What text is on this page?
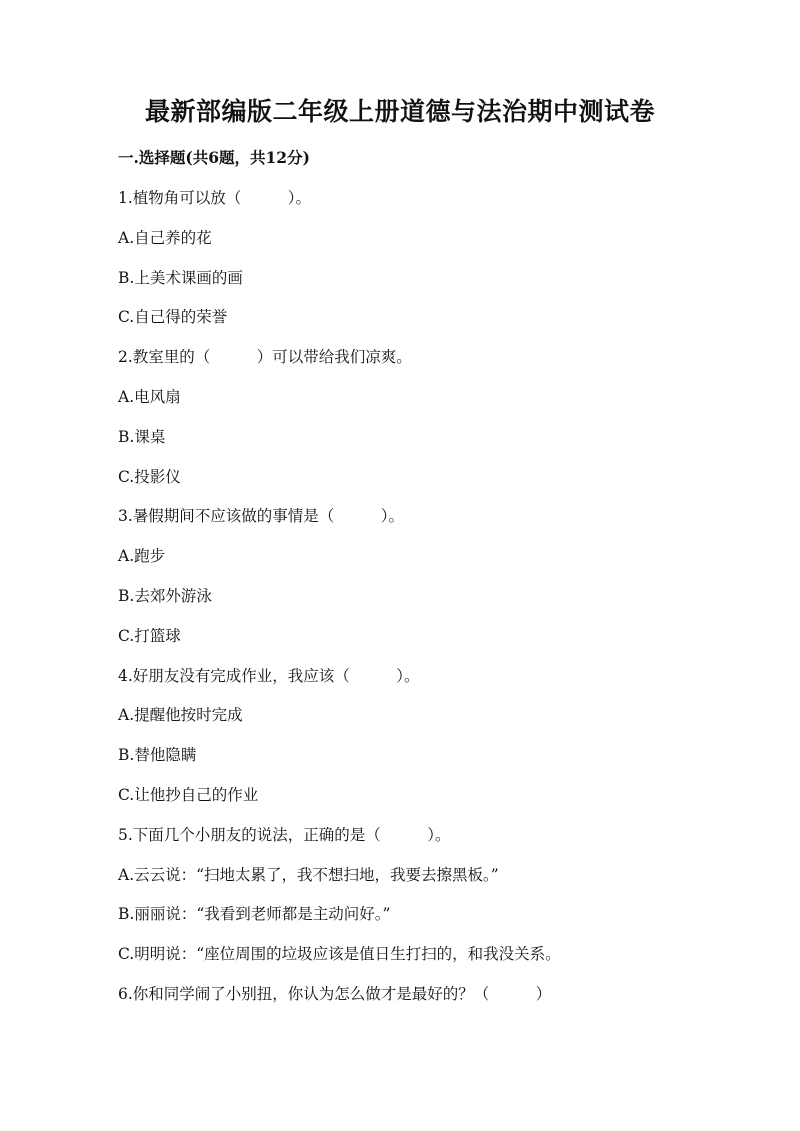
最新部编版二年级上册道德与法治期中测试卷
一.选择题(共6题，共12分)
1.植物角可以放（　　　）。
A.自己养的花
B.上美术课画的画
C.自己得的荣誉
2.教室里的（　　　）可以带给我们凉爽。
A.电风扇
B.课桌
C.投影仪
3.暑假期间不应该做的事情是（　　　）。
A.跑步
B.去郊外游泳
C.打篮球
4.好朋友没有完成作业，我应该（　　　）。
A.提醒他按时完成
B.替他隐瞒
C.让他抄自己的作业
5.下面几个小朋友的说法，正确的是（　　　）。
A.云云说：“扫地太累了，我不想扫地，我要去擦黑板。”
B.丽丽说：“我看到老师都是主动问好。”
C.明明说：“座位周围的垃圾应该是值日生打扫的，和我没关系。
6.你和同学闹了小别扭，你认为怎么做才是最好的？（　　　）
